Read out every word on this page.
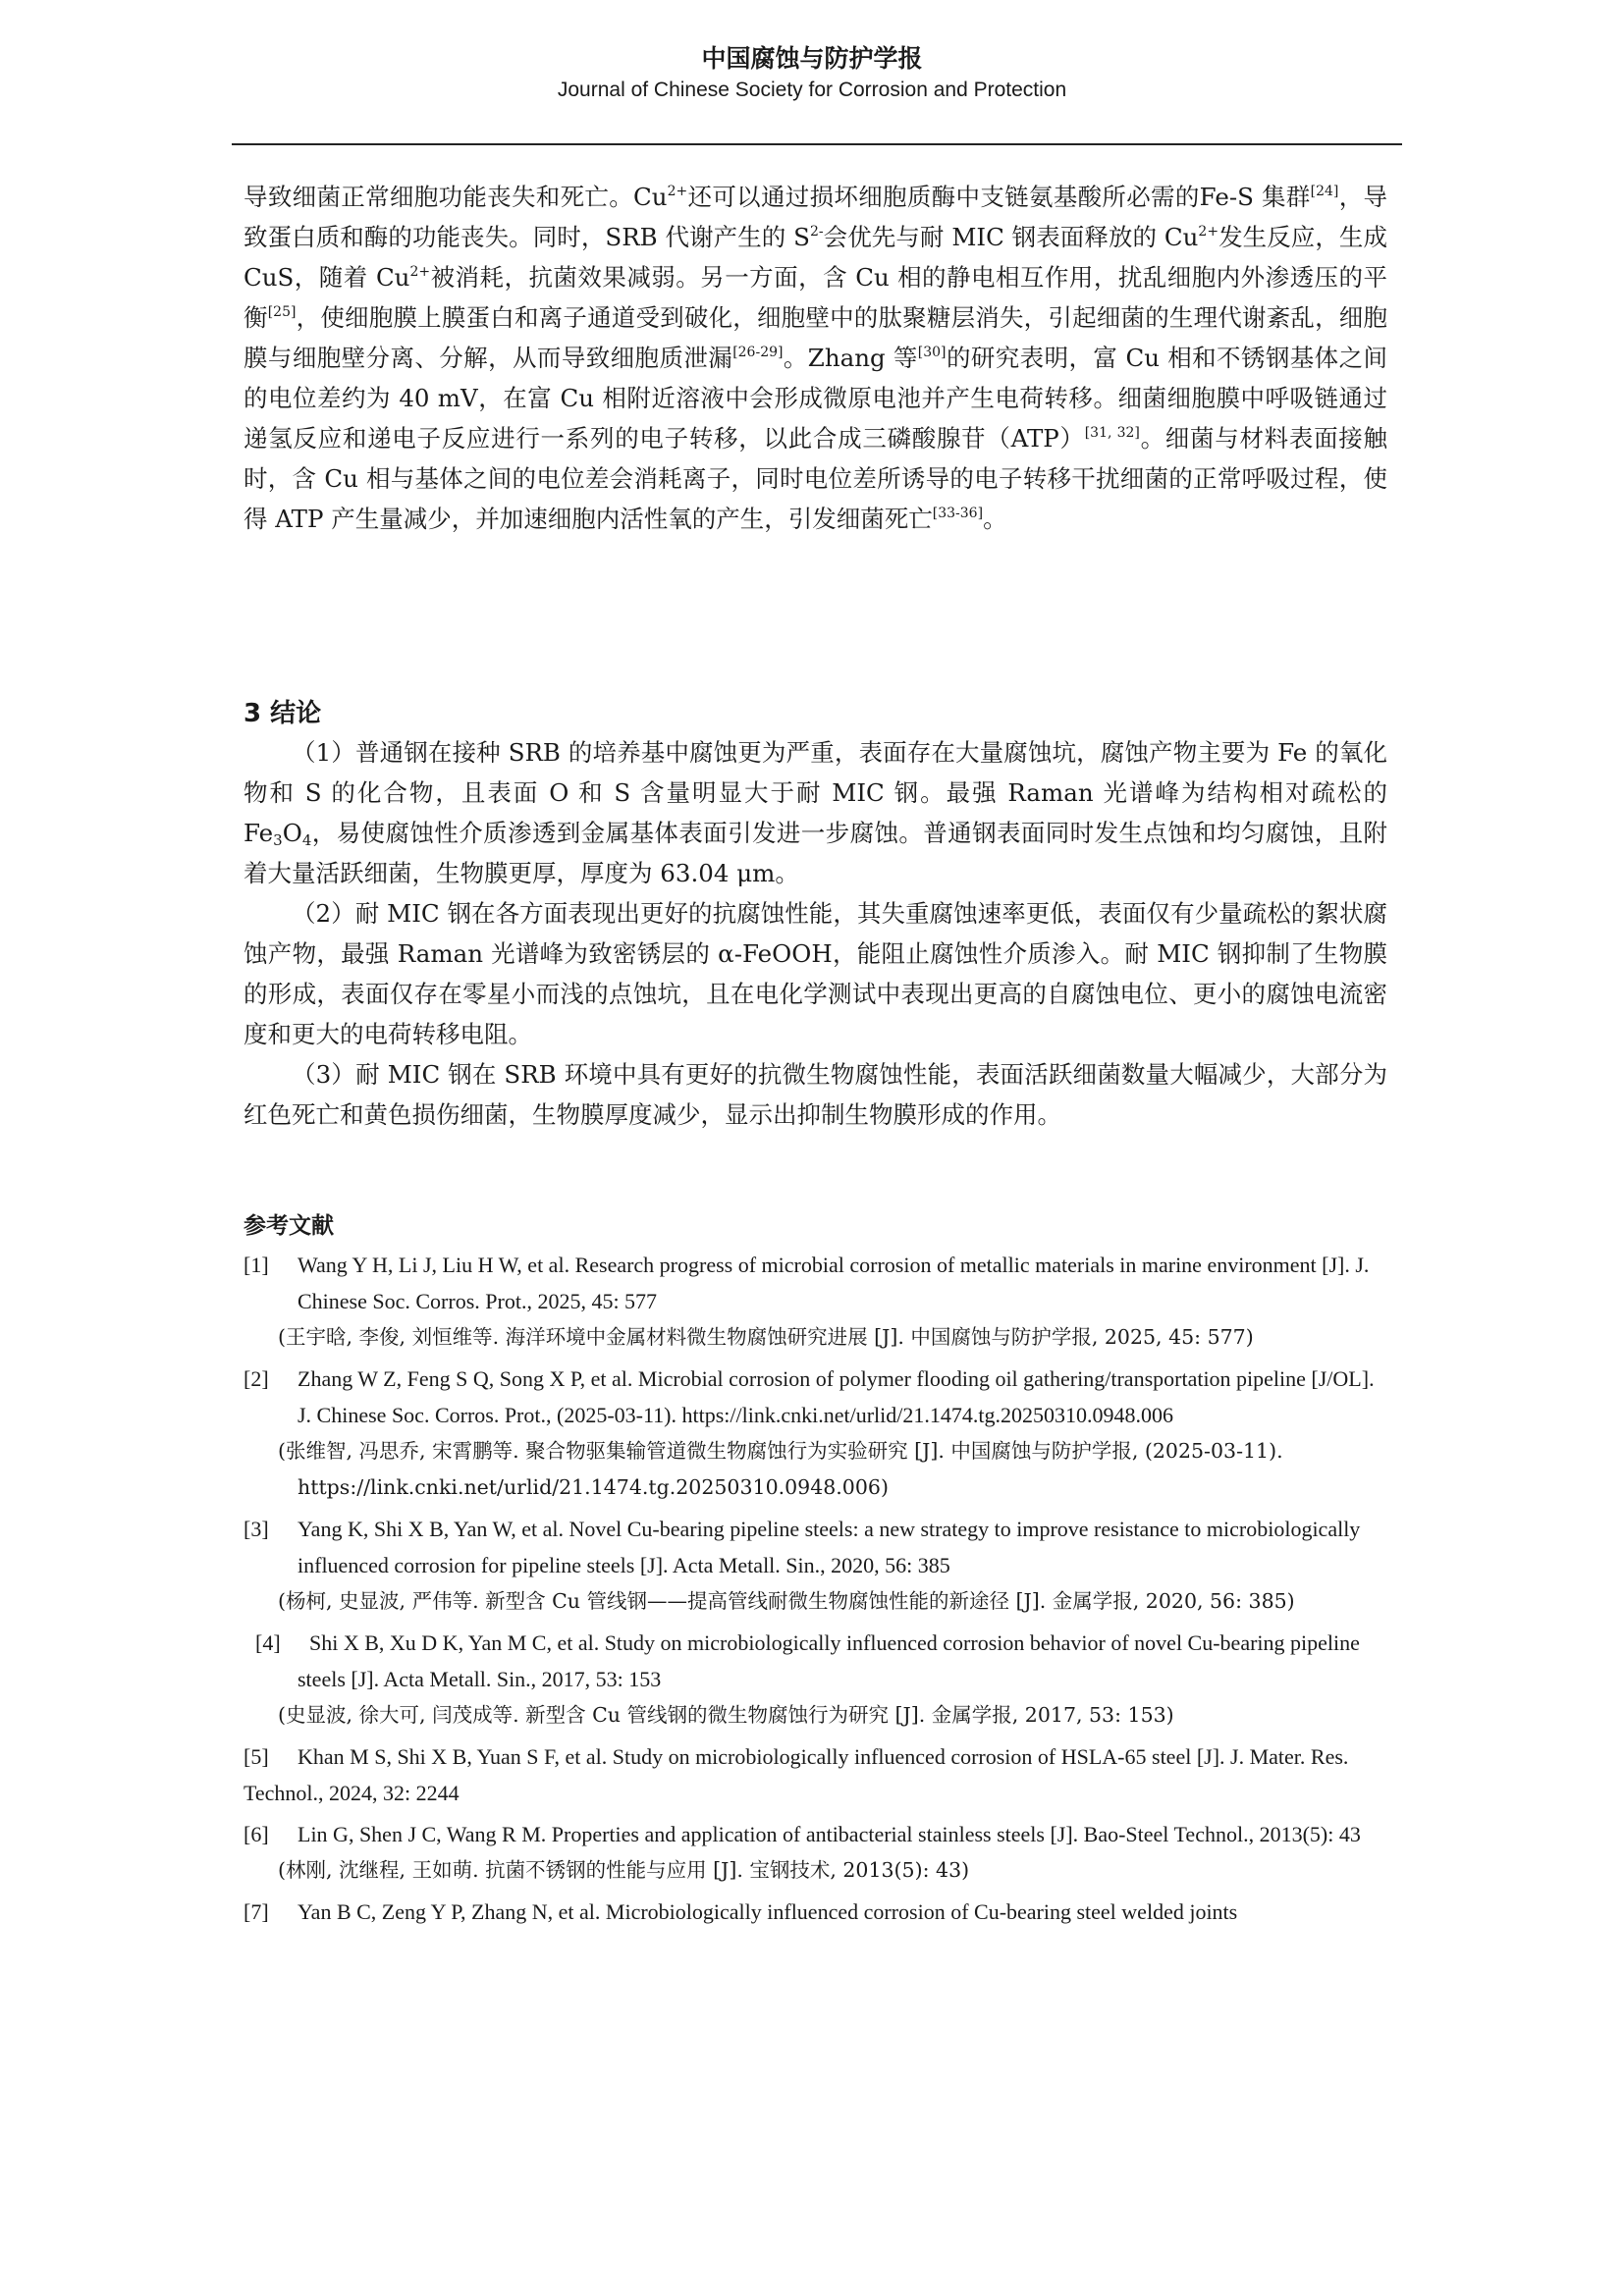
中国腐蚀与防护学报
Journal of Chinese Society for Corrosion and Protection

导致细菌正常细胞功能丧失和死亡。$Cu^{2+}$还可以通过损坏细胞质酶中支链氨基酸所必需的Fe-S 集群[24]，导致蛋白质和酶的功能丧失。同时，SRB 代谢产生的 $S^{2-}$会优先与耐 MIC 钢表面释放的 $Cu^{2+}$发生反应，生成 CuS，随着 $Cu^{2+}$被消耗，抗菌效果减弱。另一方面，含 Cu 相的静电相互作用，扰乱细胞内外渗透压的平衡[25]，使细胞膜上膜蛋白和离子通道受到破化，细胞壁中的肽聚糖层消失，引起细菌的生理代谢紊乱，细胞膜与细胞壁分离、分解，从而导致细胞质泄漏[26-29]。Zhang 等[30]的研究表明，富 Cu 相和不锈钢基体之间的电位差约为 40 mV，在富 Cu 相附近溶液中会形成微原电池并产生电荷转移。细菌细胞膜中呼吸链通过递氢反应和递电子反应进行一系列的电子转移，以此合成三磷酸腺苷（ATP）[31, 32]。细菌与材料表面接触时，含 Cu 相与基体之间的电位差会消耗离子，同时电位差所诱导的电子转移干扰细菌的正常呼吸过程，使得 ATP 产生量减少，并加速细胞内活性氧的产生，引发细菌死亡[33-36]。

3 结论

（1）普通钢在接种 SRB 的培养基中腐蚀更为严重，表面存在大量腐蚀坑，腐蚀产物主要为 Fe 的氧化物和 S 的化合物，且表面 O 和 S 含量明显大于耐 MIC 钢。最强 Raman 光谱峰为结构相对疏松的 $Fe_3O_4$，易使腐蚀性介质渗透到金属基体表面引发进一步腐蚀。普通钢表面同时发生点蚀和均匀腐蚀，且附着大量活跃细菌，生物膜更厚，厚度为 63.04 μm。

（2）耐 MIC 钢在各方面表现出更好的抗腐蚀性能，其失重腐蚀速率更低，表面仅有少量疏松的絮状腐蚀产物，最强 Raman 光谱峰为致密锈层的 α-FeOOH，能阻止腐蚀性介质渗入。耐 MIC 钢抑制了生物膜的形成，表面仅存在零星小而浅的点蚀坑，且在电化学测试中表现出更高的自腐蚀电位、更小的腐蚀电流密度和更大的电荷转移电阻。

（3）耐 MIC 钢在 SRB 环境中具有更好的抗微生物腐蚀性能，表面活跃细菌数量大幅减少，大部分为红色死亡和黄色损伤细菌，生物膜厚度减少，显示出抑制生物膜形成的作用。

参考文献
[1] Wang Y H, Li J, Liu H W, et al. Research progress of microbial corrosion of metallic materials in marine environment [J]. J. Chinese Soc. Corros. Prot., 2025, 45: 577
(王宇晗, 李俊, 刘恒维等. 海洋环境中金属材料微生物腐蚀研究进展 [J]. 中国腐蚀与防护学报, 2025, 45: 577)
[2] Zhang W Z, Feng S Q, Song X P, et al. Microbial corrosion of polymer flooding oil gathering/transportation pipeline [J/OL]. J. Chinese Soc. Corros. Prot., (2025-03-11). https://link.cnki.net/urlid/21.1474.tg.20250310.0948.006
(张维智, 冯思乔, 宋霄鹏等. 聚合物驱集输管道微生物腐蚀行为实验研究 [J]. 中国腐蚀与防护学报, (2025-03-11). https://link.cnki.net/urlid/21.1474.tg.20250310.0948.006)
[3] Yang K, Shi X B, Yan W, et al. Novel Cu-bearing pipeline steels: a new strategy to improve resistance to microbiologically influenced corrosion for pipeline steels [J]. Acta Metall. Sin., 2020, 56: 385
(杨柯, 史显波, 严伟等. 新型含 Cu 管线钢——提高管线耐微生物腐蚀性能的新途径 [J]. 金属学报, 2020, 56: 385)
[4] Shi X B, Xu D K, Yan M C, et al. Study on microbiologically influenced corrosion behavior of novel Cu-bearing pipeline steels [J]. Acta Metall. Sin., 2017, 53: 153
(史显波, 徐大可, 闫茂成等. 新型含 Cu 管线钢的微生物腐蚀行为研究 [J]. 金属学报, 2017, 53: 153)
[5] Khan M S, Shi X B, Yuan S F, et al. Study on microbiologically influenced corrosion of HSLA-65 steel [J]. J. Mater. Res. Technol., 2024, 32: 2244
[6] Lin G, Shen J C, Wang R M. Properties and application of antibacterial stainless steels [J]. Bao-Steel Technol., 2013(5): 43
(林刚, 沈继程, 王如萌. 抗菌不锈钢的性能与应用 [J]. 宝钢技术, 2013(5): 43)
[7] Yan B C, Zeng Y P, Zhang N, et al. Microbiologically influenced corrosion of Cu-bearing steel welded joints
